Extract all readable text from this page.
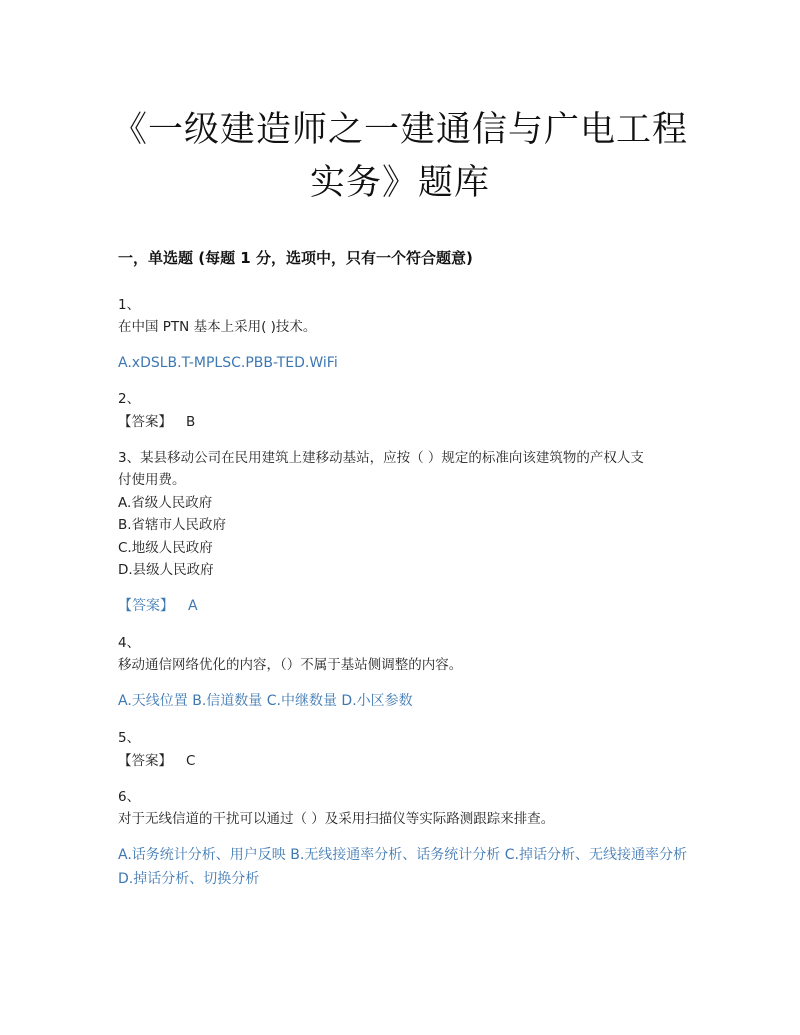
《一级建造师之一建通信与广电工程
实务》题库
一，单选题 (每题 1 分，选项中，只有一个符合题意)
1、
在中国 PTN 基本上采用( )技术。
A.xDSLB.T-MPLSC.PBB-TED.WiFi
2、
【答案】 B
3、某县移动公司在民用建筑上建移动基站，应按（ ）规定的标准向该建筑物的产权人支
付使用费。
A.省级人民政府
B.省辖市人民政府
C.地级人民政府
D.县级人民政府
【答案】 A
4、
移动通信网络优化的内容，（）不属于基站侧调整的内容。
A.天线位置 B.信道数量 C.中继数量 D.小区参数
5、
【答案】 C
6、
对于无线信道的干扰可以通过（ ）及采用扫描仪等实际路测跟踪来排查。
A.话务统计分析、用户反映 B.无线接通率分析、话务统计分析 C.掉话分析、无线接通率分析 D.掉话分析、切换分析
